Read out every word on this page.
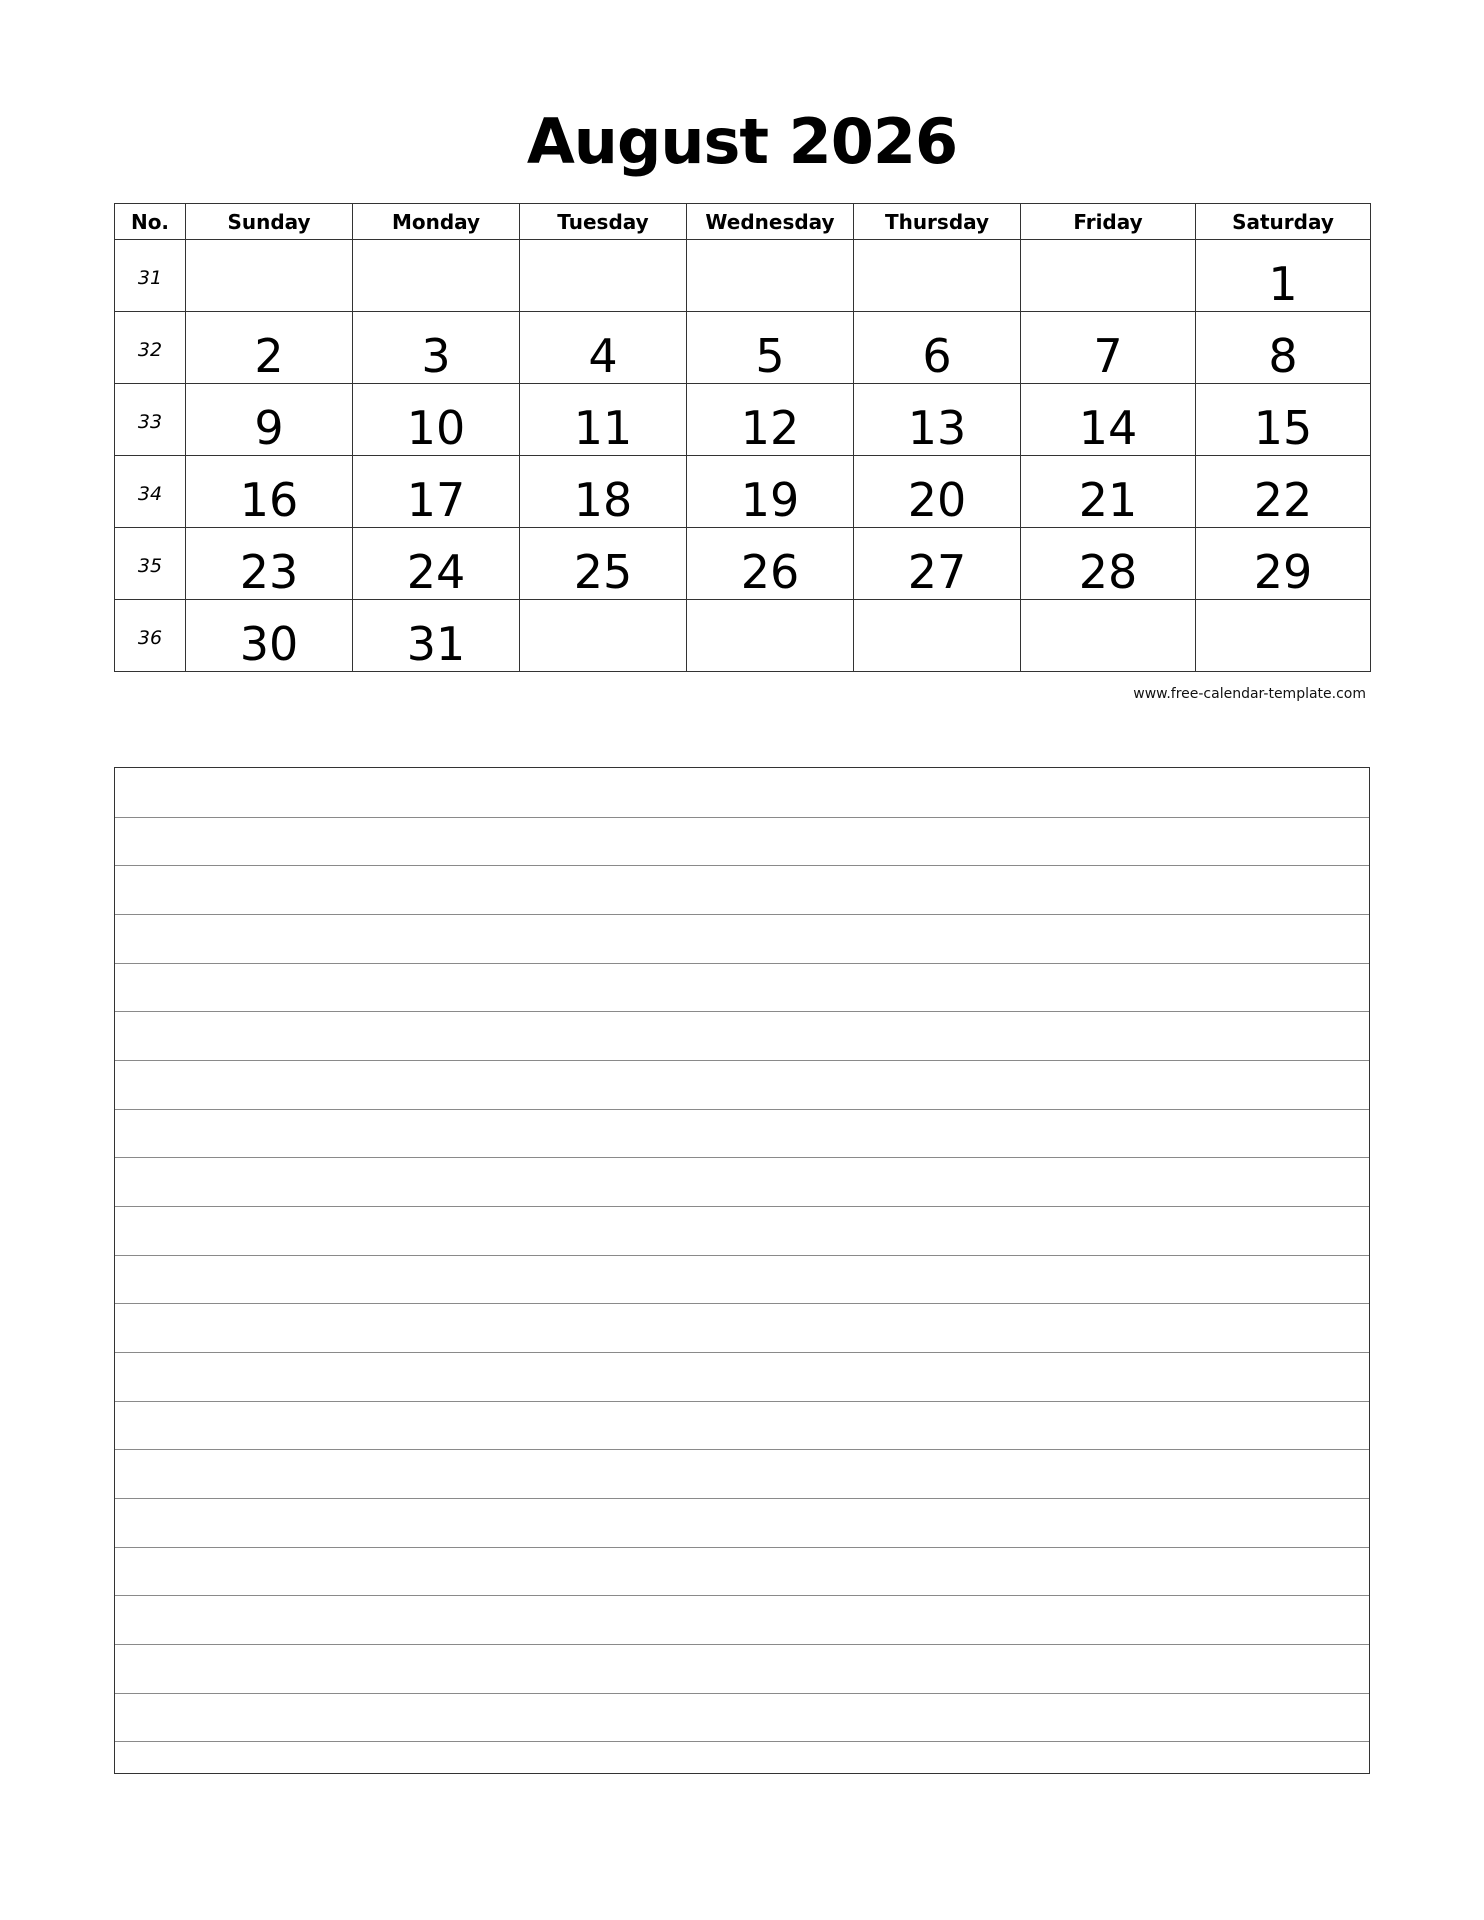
August 2026
No.	Sunday	Monday	Tuesday	Wednesday	Thursday	Friday	Saturday
31							1
32	2	3	4	5	6	7	8
33	9	10	11	12	13	14	15
34	16	17	18	19	20	21	22
35	23	24	25	26	27	28	29
36	30	31					
www.free-calendar-template.com
